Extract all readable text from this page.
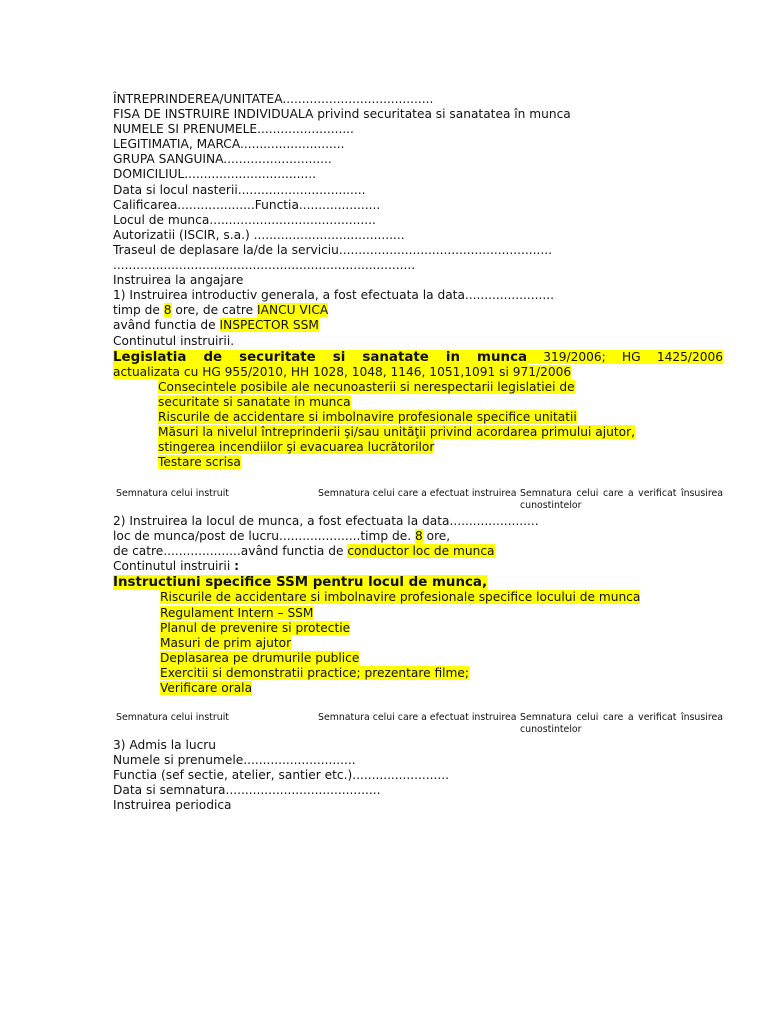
ÎNTREPRINDEREA/UNITATEA.......................................
FISA DE INSTRUIRE INDIVIDUALA privind securitatea si sanatatea în munca
NUMELE SI PRENUMELE.........................
LEGITIMATIA, MARCA...........................
GRUPA SANGUINA............................
DOMICILIUL..................................
Data si locul nasterii.................................
Calificarea....................Functia.....................
Locul de munca...........................................
Autorizatii (ISCIR, s.a.) .......................................
Traseul de deplasare la/de la serviciu.......................................................
..............................................................................
Instruirea la angajare
1) Instruirea introductiv generala, a fost efectuata la data.......................
timp de 8 ore, de catre IANCU VICA
având functia de INSPECTOR SSM
Continutul instruirii.
Legislatia de securitate si sanatate in munca 319/2006; HG 1425/2006
actualizata cu HG 955/2010, HH 1028, 1048, 1146, 1051,1091 si 971/2006
Consecintele posibile ale necunoasterii si nerespectarii legislatiei de
securitate si sanatate in munca
Riscurile de accidentare si imbolnavire profesionale specifice unitatii
Măsuri la nivelul întreprinderii şi/sau unităţii privind acordarea primului ajutor,
stingerea incendiilor şi evacuarea lucrătorilor
Testare scrisa
Semnatura celui instruit	Semnatura celui care a efectuat instruirea Semnatura celui care a verificat însusirea cunostintelor
2) Instruirea la locul de munca, a fost efectuata la data.......................
loc de munca/post de lucru.....................timp de. 8 ore,
de catre....................având functia de conductor loc de munca
Continutul instruirii :
Instructiuni specifice SSM pentru locul de munca,
Riscurile de accidentare si imbolnavire profesionale specifice locului de munca
Regulament Intern – SSM
Planul de prevenire si protectie
Masuri de prim ajutor
Deplasarea pe drumurile publice
Exercitii si demonstratii practice; prezentare filme;
Verificare orala
Semnatura celui instruit	Semnatura celui care a efectuat instruirea Semnatura celui care a verificat însusirea cunostintelor
3) Admis la lucru
Numele si prenumele.............................
Functia (sef sectie, atelier, santier etc.).........................
Data si semnatura........................................
Instruirea periodica
